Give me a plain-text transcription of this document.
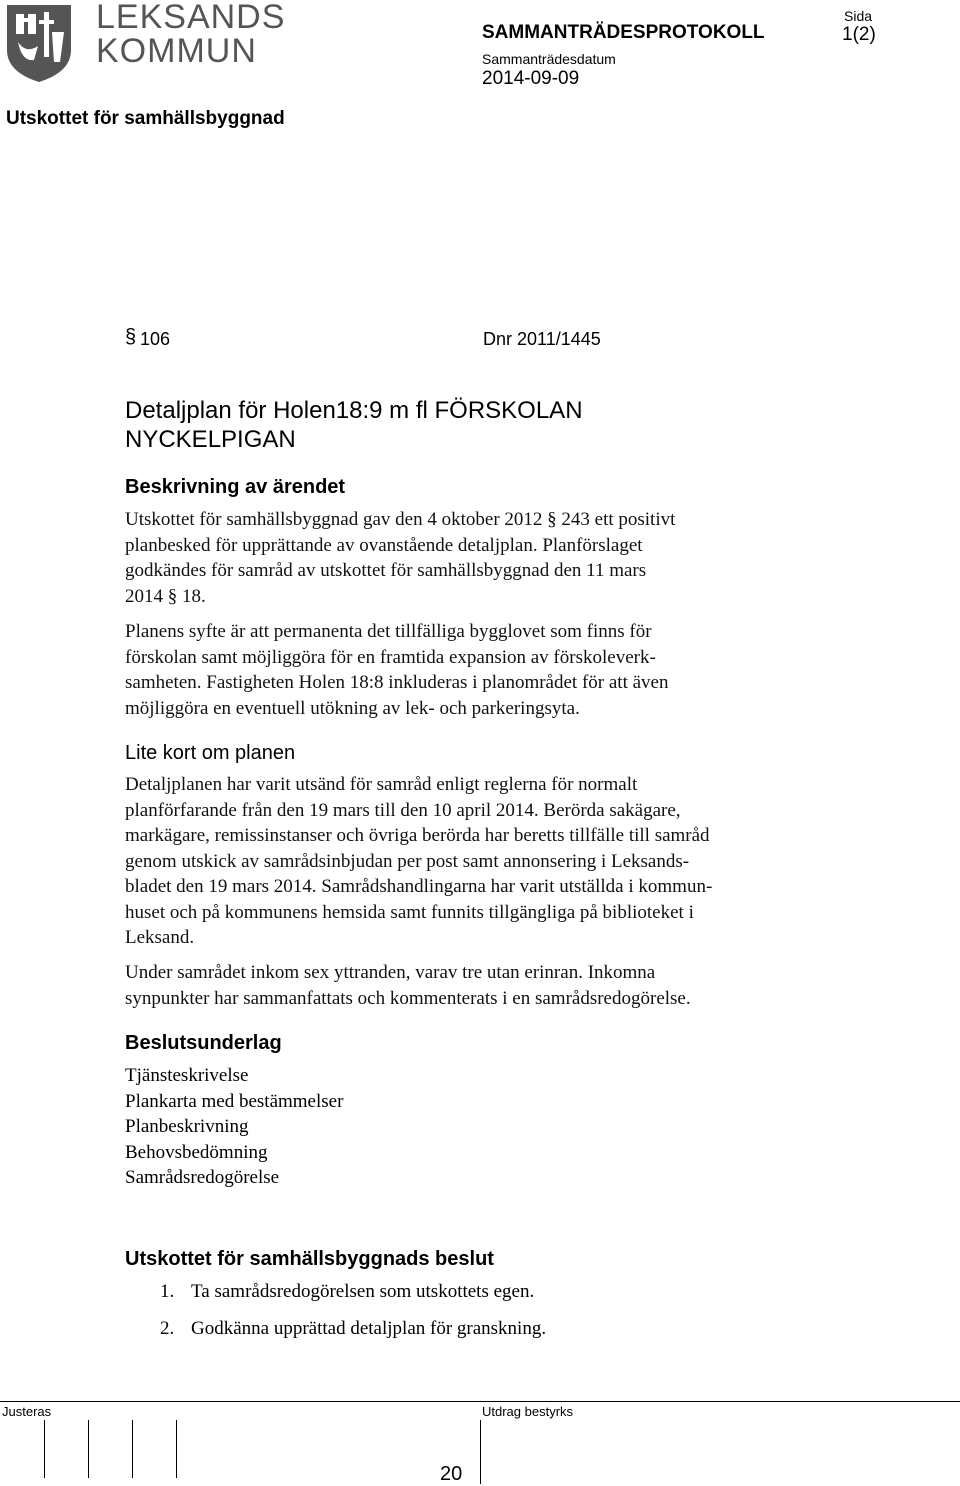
LEKSANDS
KOMMUN	SAMMANTRÄDESPROTOKOLL
Sida
1(2)
Sammanträdesdatum
2014-09-09
Utskottet för samhällsbyggnad
§ 106	Dnr 2011/1445
Detaljplan för Holen18:9 m fl FÖRSKOLAN
NYCKELPIGAN
Beskrivning av ärendet

Utskottet för samhällsbyggnad gav den 4 oktober 2012 § 243 ett positivt

planbesked för upprättande av ovanstående detaljplan. Planförslaget

godkändes för samråd av utskottet för samhällsbyggnad den 11 mars

2014 § 18.

Planens syfte är att permanenta det tillfälliga bygglovet som finns för

förskolan samt möjliggöra för en framtida expansion av förskoleverk-

samheten. Fastigheten Holen 18:8 inkluderas i planområdet för att även

möjliggöra en eventuell utökning av lek- och parkeringsyta.

Lite kort om planen

Detaljplanen har varit utsänd för samråd enligt reglerna för normalt

planförfarande från den 19 mars till den 10 april 2014. Berörda sakägare,

markägare, remissinstanser och övriga berörda har beretts tillfälle till samråd

genom utskick av samrådsinbjudan per post samt annonsering i Leksands-

bladet den 19 mars 2014. Samrådshandlingarna har varit utställda i kommun-

huset och på kommunens hemsida samt funnits tillgängliga på biblioteket i

Leksand.

Under samrådet inkom sex yttranden, varav tre utan erinran. Inkomna

synpunkter har sammanfattats och kommenterats i en samrådsredogörelse.

Beslutsunderlag
Tjänsteskrivelse
Plankarta med bestämmelser
Planbeskrivning
Behovsbedömning
Samrådsredogörelse
Utskottet för samhällsbyggnads beslut
1. Ta samrådsredogörelsen som utskottets egen.
2. Godkänna upprättad detaljplan för granskning.
Justeras	Utdrag bestyrks
20
